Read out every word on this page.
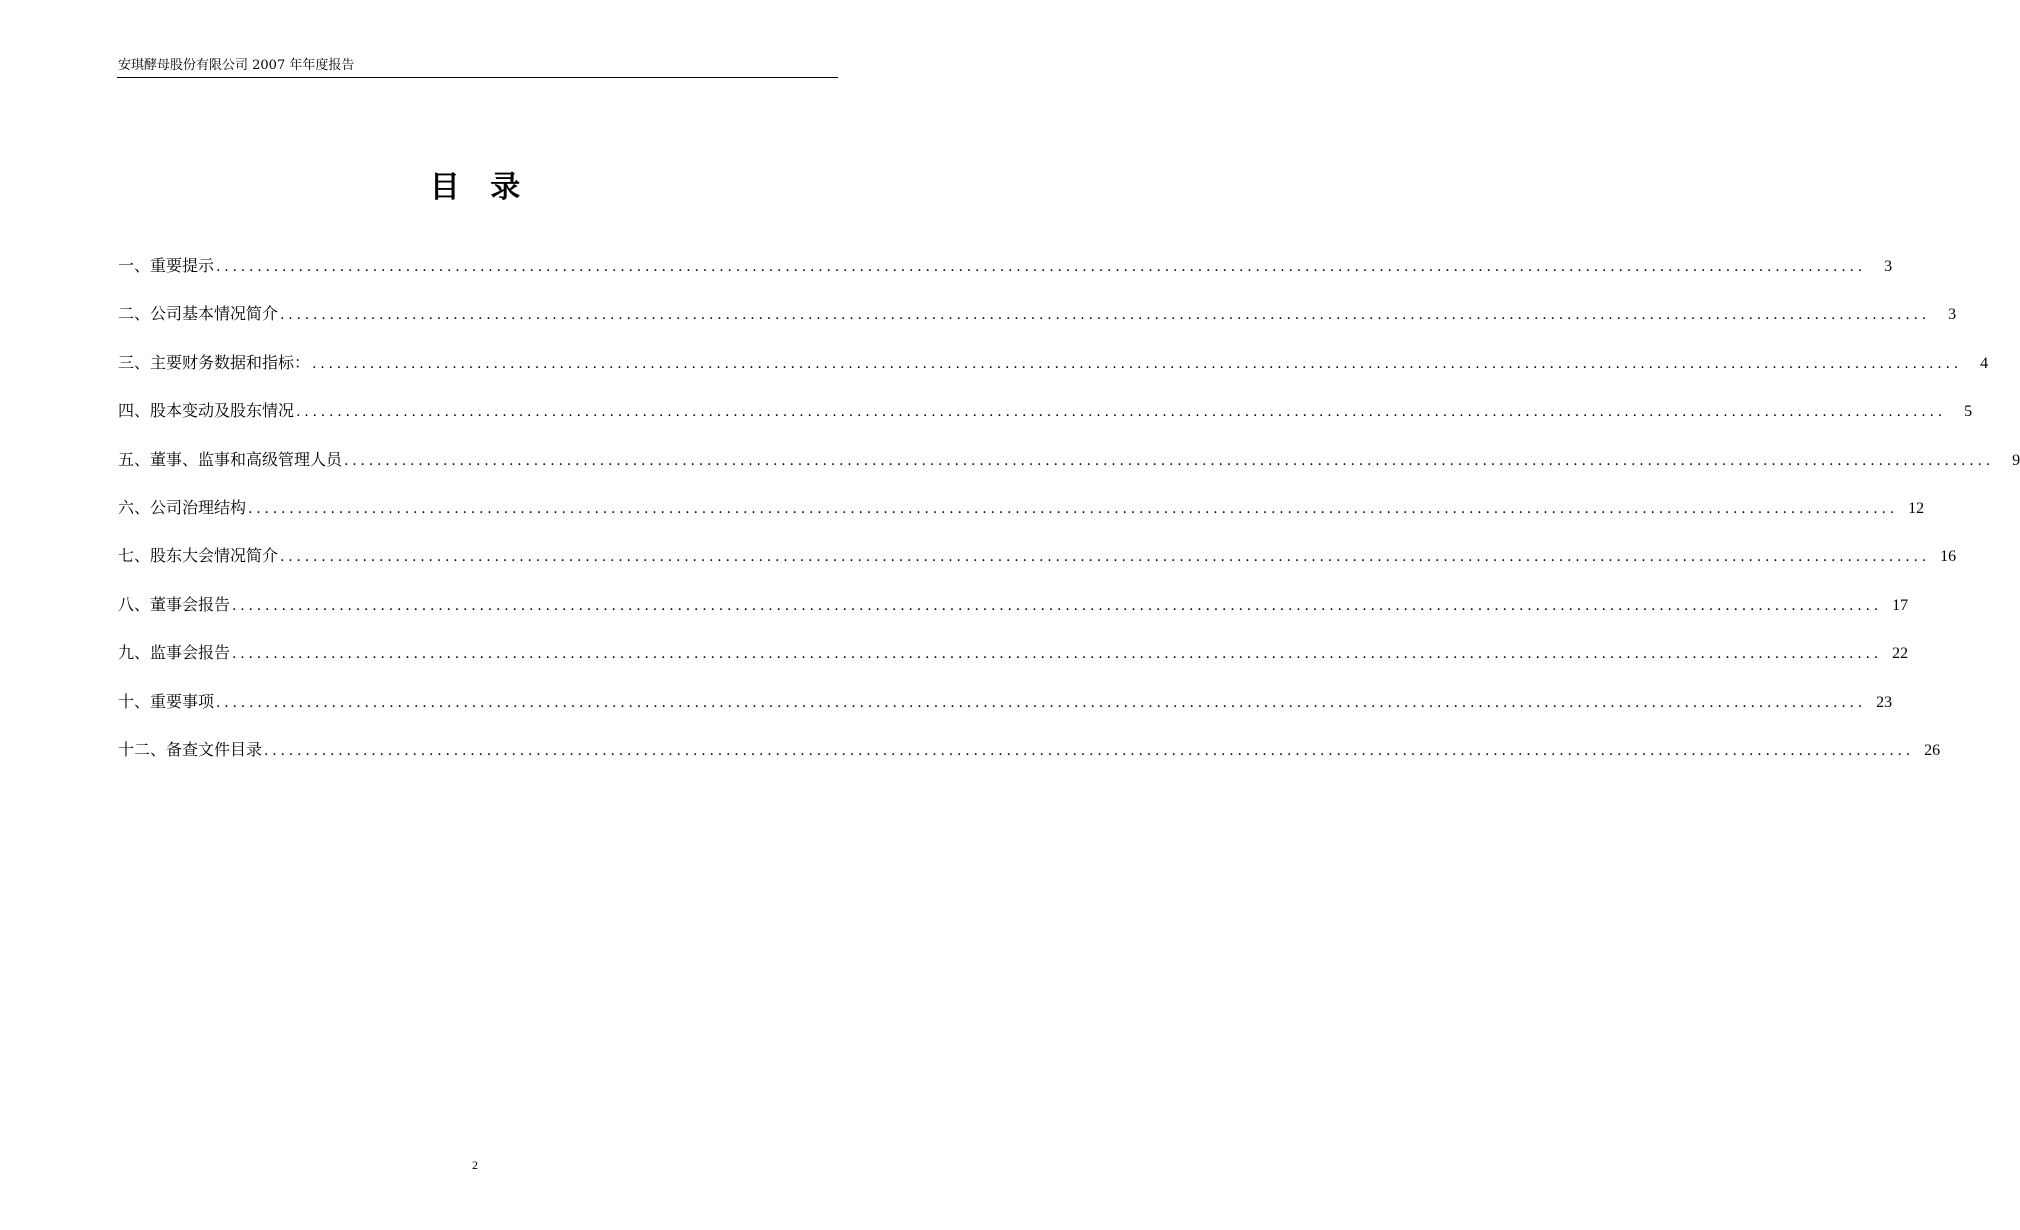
安琪酵母股份有限公司 2007 年年度报告
目 录
一、重要提示 ........................................................................................................................................................................................................	3
二、公司基本情况简介 ........................................................................................................................................................................................................	3
三、主要财务数据和指标： ........................................................................................................................................................................................................	4
四、股本变动及股东情况 ........................................................................................................................................................................................................	5
五、董事、监事和高级管理人员 ........................................................................................................................................................................................................	9
六、公司治理结构 ........................................................................................................................................................................................................ 12
七、股东大会情况简介 ........................................................................................................................................................................................................ 16
八、董事会报告 ........................................................................................................................................................................................................ 17
九、监事会报告 ........................................................................................................................................................................................................ 22
十、重要事项 ........................................................................................................................................................................................................ 23
十二、备查文件目录 ........................................................................................................................................................................................................ 26
2
